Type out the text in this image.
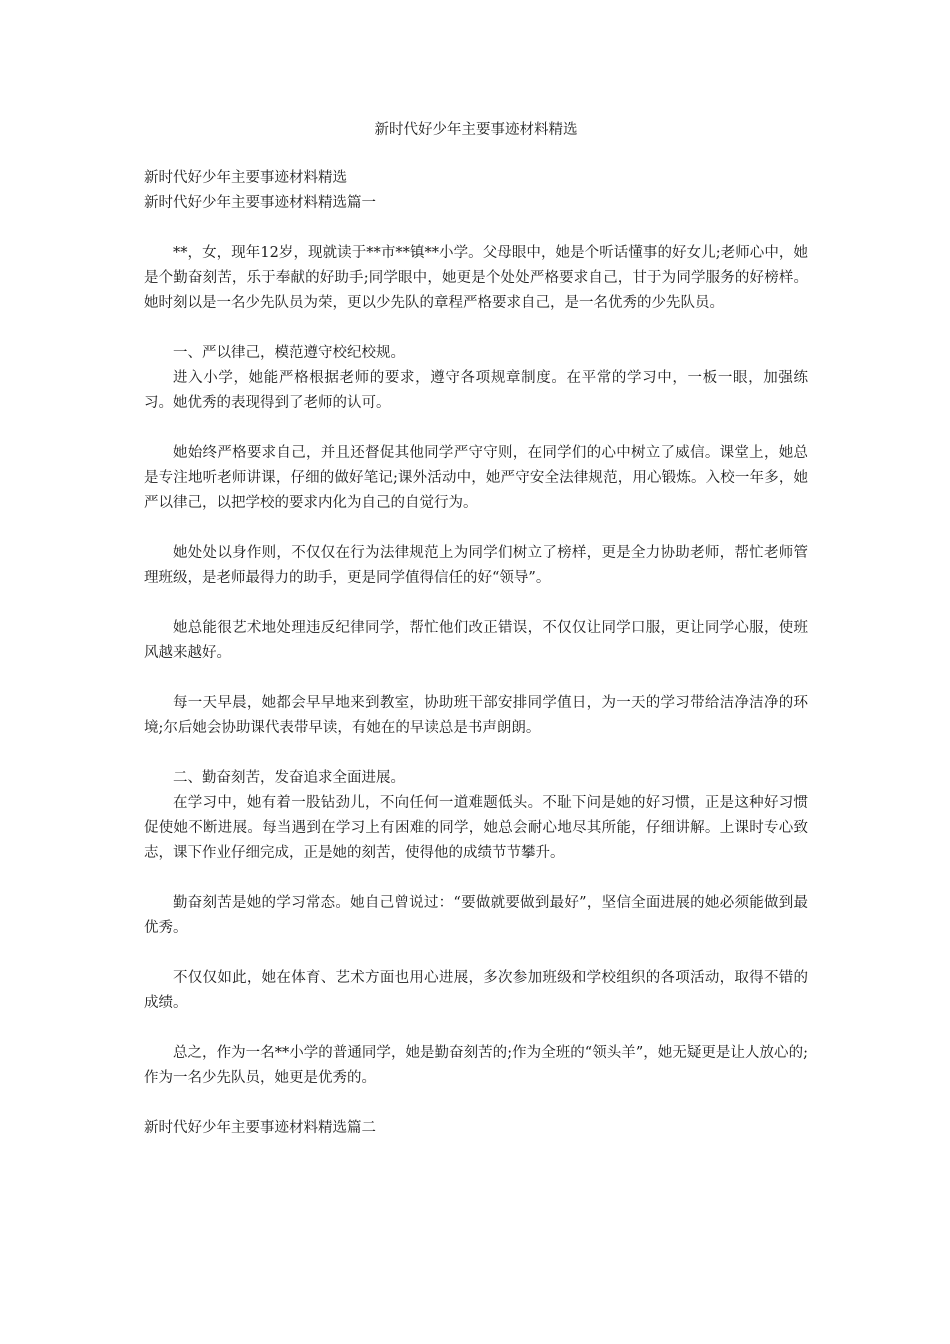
新时代好少年主要事迹材料精选

新时代好少年主要事迹材料精选

新时代好少年主要事迹材料精选篇一

**，女，现年12岁，现就读于**市**镇**小学。父母眼中，她是个听话懂事的好女儿;老师心中，她是个勤奋刻苦，乐于奉献的好助手;同学眼中，她更是个处处严格要求自己，甘于为同学服务的好榜样。她时刻以是一名少先队员为荣，更以少先队的章程严格要求自己，是一名优秀的少先队员。

一、严以律己，模范遵守校纪校规。

进入小学，她能严格根据老师的要求，遵守各项规章制度。在平常的学习中，一板一眼，加强练习。她优秀的表现得到了老师的认可。

她始终严格要求自己，并且还督促其他同学严守守则，在同学们的心中树立了威信。课堂上，她总是专注地听老师讲课，仔细的做好笔记;课外活动中，她严守安全法律规范，用心锻炼。入校一年多，她严以律己，以把学校的要求内化为自己的自觉行为。

她处处以身作则，不仅仅在行为法律规范上为同学们树立了榜样，更是全力协助老师，帮忙老师管理班级，是老师最得力的助手，更是同学值得信任的好“领导”。

她总能很艺术地处理违反纪律同学，帮忙他们改正错误，不仅仅让同学口服，更让同学心服，使班风越来越好。

每一天早晨，她都会早早地来到教室，协助班干部安排同学值日，为一天的学习带给洁净洁净的环境;尔后她会协助课代表带早读，有她在的早读总是书声朗朗。

二、勤奋刻苦，发奋追求全面进展。

在学习中，她有着一股钻劲儿，不向任何一道难题低头。不耻下问是她的好习惯，正是这种好习惯促使她不断进展。每当遇到在学习上有困难的同学，她总会耐心地尽其所能，仔细讲解。上课时专心致志，课下作业仔细完成，正是她的刻苦，使得他的成绩节节攀升。

勤奋刻苦是她的学习常态。她自己曾说过：“要做就要做到最好”，坚信全面进展的她必须能做到最优秀。

不仅仅如此，她在体育、艺术方面也用心进展，多次参加班级和学校组织的各项活动，取得不错的成绩。

总之，作为一名**小学的普通同学，她是勤奋刻苦的;作为全班的“领头羊”，她无疑更是让人放心的;作为一名少先队员，她更是优秀的。

新时代好少年主要事迹材料精选篇二
